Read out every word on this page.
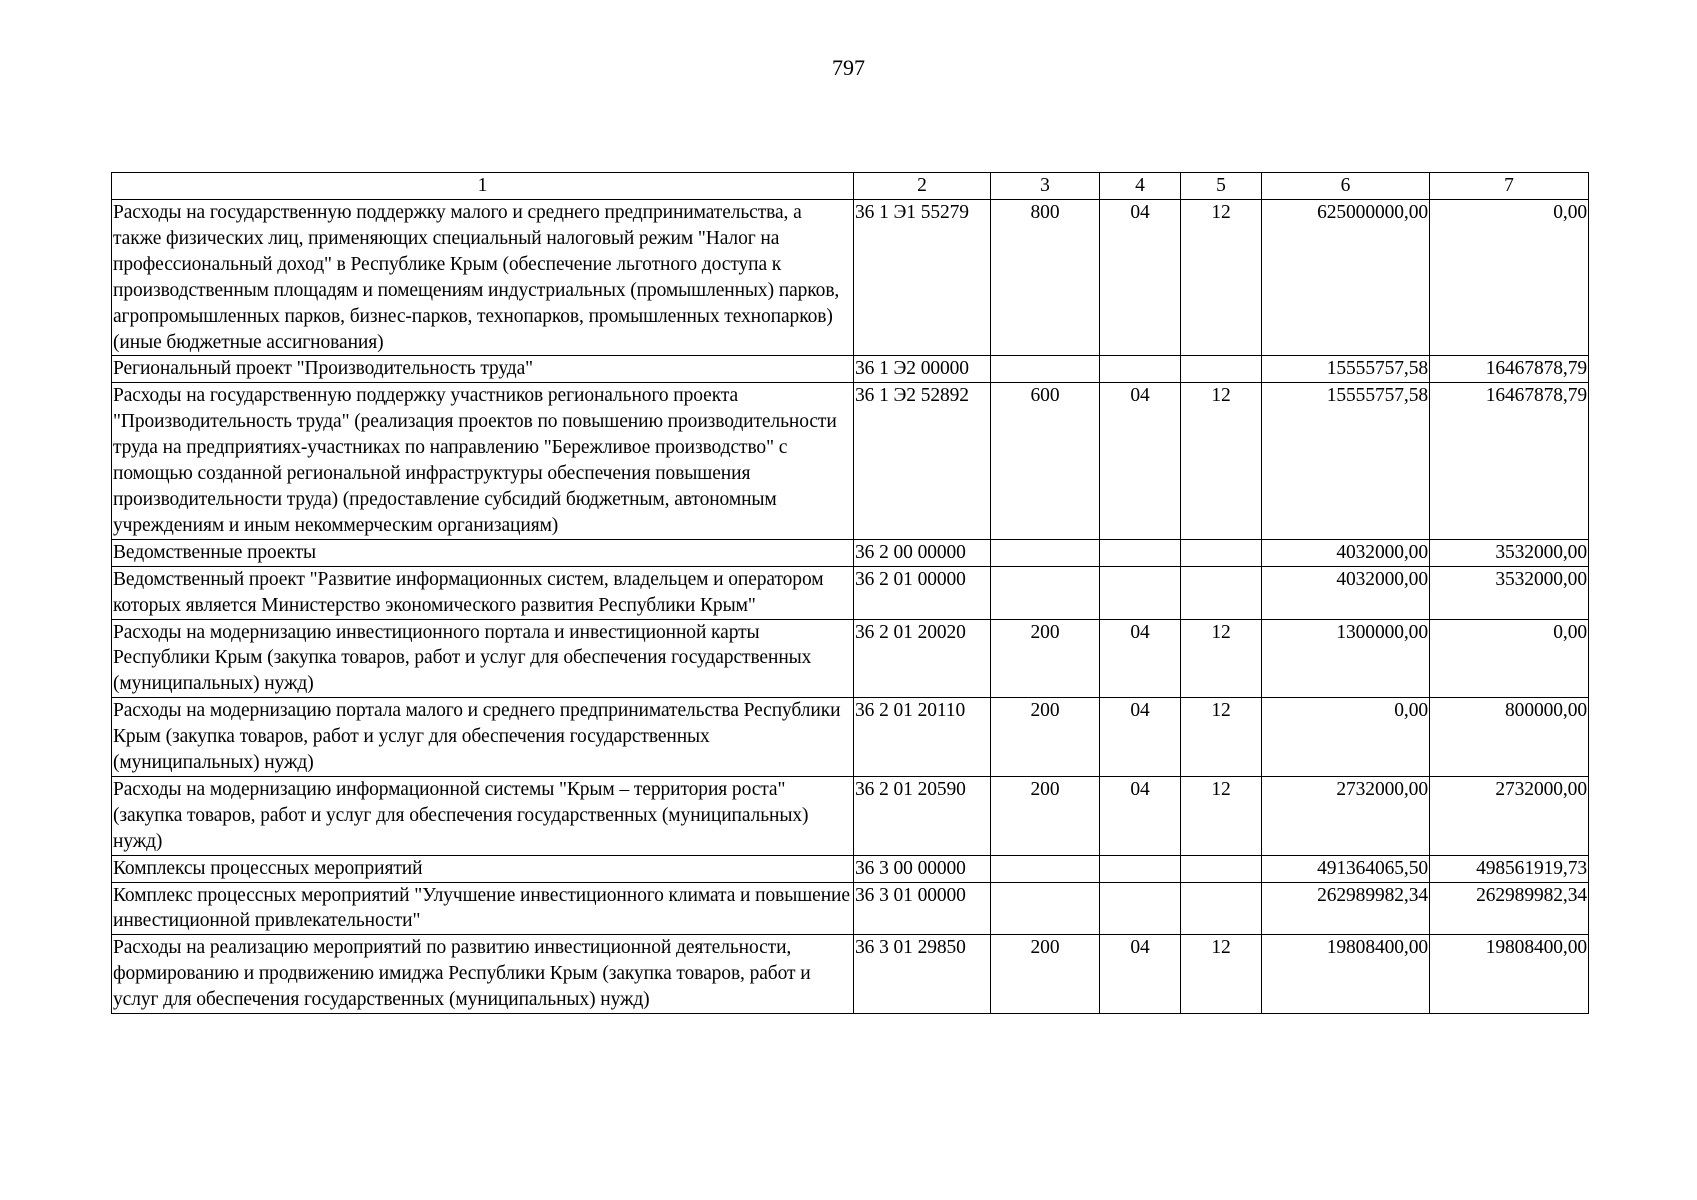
797
1	2	3	4	5	6	7
Расходы на государственную поддержку малого и среднего предпринимательства, а также физических лиц, применяющих специальный налоговый режим "Налог на профессиональный доход" в Республике Крым (обеспечение льготного доступа к производственным площадям и помещениям индустриальных (промышленных) парков, агропромышленных парков, бизнес-парков, технопарков, промышленных технопарков) (иные бюджетные ассигнования)	36 1 Э1 55279	800	04	12	625000000,00	0,00
Региональный проект "Производительность труда"	36 1 Э2 00000				15555757,58	16467878,79
Расходы на государственную поддержку участников регионального проекта "Производительность труда" (реализация проектов по повышению производительности труда на предприятиях-участниках по направлению "Бережливое производство" с помощью созданной региональной инфраструктуры обеспечения повышения производительности труда) (предоставление субсидий бюджетным, автономным учреждениям и иным некоммерческим организациям)	36 1 Э2 52892	600	04	12	15555757,58	16467878,79
Ведомственные проекты	36 2 00 00000				4032000,00	3532000,00
Ведомственный проект "Развитие информационных систем, владельцем и оператором которых является Министерство экономического развития Республики Крым"	36 2 01 00000				4032000,00	3532000,00
Расходы на модернизацию инвестиционного портала и инвестиционной карты Республики Крым (закупка товаров, работ и услуг для обеспечения государственных (муниципальных) нужд)	36 2 01 20020	200	04	12	1300000,00	0,00
Расходы на модернизацию портала малого и среднего предпринимательства Республики Крым (закупка товаров, работ и услуг для обеспечения государственных (муниципальных) нужд)	36 2 01 20110	200	04	12	0,00	800000,00
Расходы на модернизацию информационной системы "Крым – территория роста" (закупка товаров, работ и услуг для обеспечения государственных (муниципальных) нужд)	36 2 01 20590	200	04	12	2732000,00	2732000,00
Комплексы процессных мероприятий	36 3 00 00000				491364065,50	498561919,73
Комплекс процессных мероприятий "Улучшение инвестиционного климата и повышение инвестиционной привлекательности"	36 3 01 00000				262989982,34	262989982,34
Расходы на реализацию мероприятий по развитию инвестиционной деятельности, формированию и продвижению имиджа Республики Крым (закупка товаров, работ и услуг для обеспечения государственных (муниципальных) нужд)	36 3 01 29850	200	04	12	19808400,00	19808400,00
